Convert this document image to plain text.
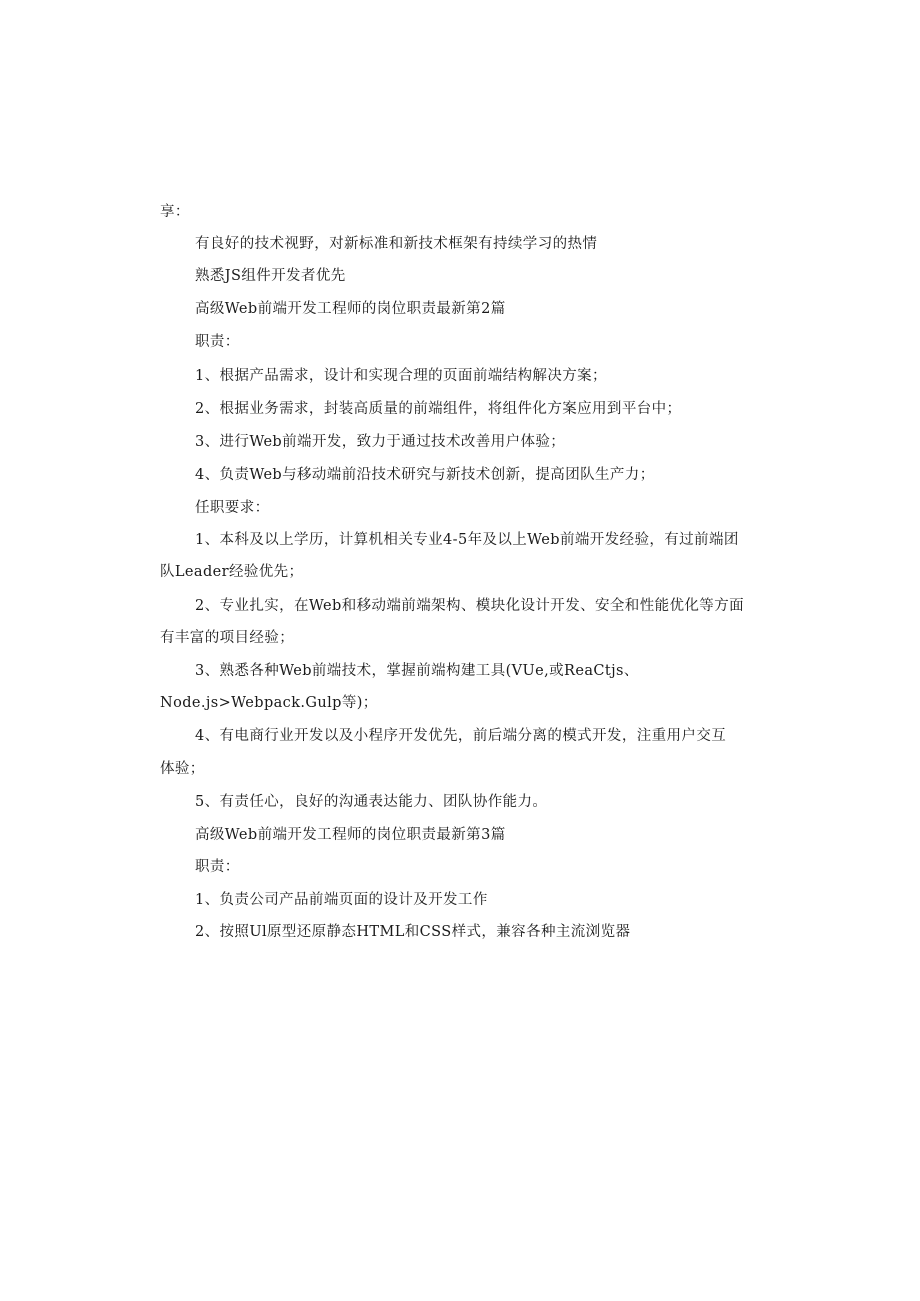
享：
有良好的技术视野，对新标准和新技术框架有持续学习的热情
熟悉JS组件开发者优先
高级Web前端开发工程师的岗位职责最新第2篇
职责：
1、根据产品需求，设计和实现合理的页面前端结构解决方案；
2、根据业务需求，封装高质量的前端组件，将组件化方案应用到平台中；
3、进行Web前端开发，致力于通过技术改善用户体验；
4、负责Web与移动端前沿技术研究与新技术创新，提高团队生产力；
任职要求：
1、本科及以上学历，计算机相关专业4-5年及以上Web前端开发经验，有过前端团
队Leader经验优先；
2、专业扎实，在Web和移动端前端架构、模块化设计开发、安全和性能优化等方面
有丰富的项目经验；
3、熟悉各种Web前端技术，掌握前端构建工具(VUe,或ReaCtjs、
Node.js>Webpack.Gulp等)；
4、有电商行业开发以及小程序开发优先，前后端分离的模式开发，注重用户交互
体验；
5、有责任心，良好的沟通表达能力、团队协作能力。
高级Web前端开发工程师的岗位职责最新第3篇
职责：
1、负责公司产品前端页面的设计及开发工作
2、按照Ul原型还原静态HTML和CSS样式，兼容各种主流浏览器
